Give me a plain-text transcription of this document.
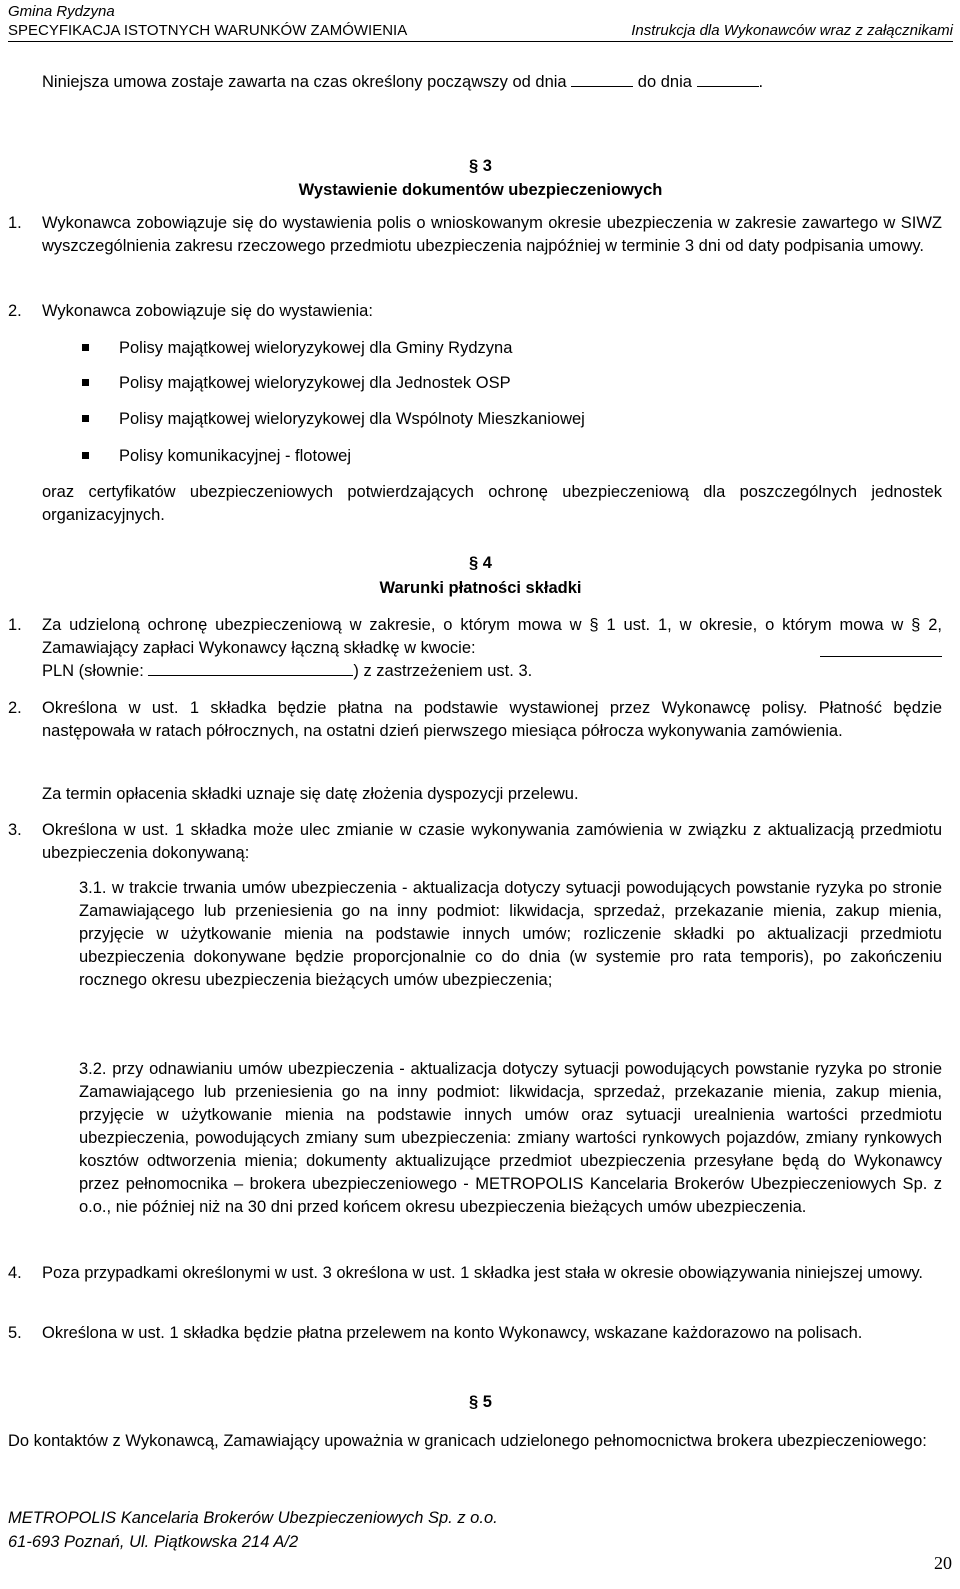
Gmina Rydzyna
SPECYFIKACJA ISTOTNYCH WARUNKÓW ZAMÓWIENIA	Instrukcja dla Wykonawców wraz z załącznikami
Niniejsza umowa zostaje zawarta na czas określony począwszy od dnia	do dnia	.
§ 3
Wystawienie dokumentów ubezpieczeniowych
1. Wykonawca zobowiązuje się do wystawienia polis o wnioskowanym okresie ubezpieczenia w zakresie zawartego w SIWZ wyszczególnienia zakresu rzeczowego przedmiotu ubezpieczenia najpóźniej w terminie 3 dni od daty podpisania umowy.
2. Wykonawca zobowiązuje się do wystawienia:
Polisy majątkowej wieloryzykowej dla Gminy Rydzyna
Polisy majątkowej wieloryzykowej dla Jednostek OSP
Polisy majątkowej wieloryzykowej dla Wspólnoty Mieszkaniowej
Polisy komunikacyjnej - flotowej
oraz certyfikatów ubezpieczeniowych potwierdzających ochronę ubezpieczeniową dla poszczególnych jednostek organizacyjnych.
§ 4
Warunki płatności składki
1. Za udzieloną ochronę ubezpieczeniową w zakresie, o którym mowa w § 1 ust. 1, w okresie, o którym mowa w § 2, Zamawiający zapłaci Wykonawcy łączną składkę w kwocie:
PLN (słownie:	) z zastrzeżeniem ust. 3.
2. Określona w ust. 1 składka będzie płatna na podstawie wystawionej przez Wykonawcę polisy. Płatność będzie następowała w ratach półrocznych, na ostatni dzień pierwszego miesiąca półrocza wykonywania zamówienia.
Za termin opłacenia składki uznaje się datę złożenia dyspozycji przelewu.
3. Określona w ust. 1 składka może ulec zmianie w czasie wykonywania zamówienia w związku z aktualizacją przedmiotu ubezpieczenia dokonywaną:
3.1. w trakcie trwania umów ubezpieczenia - aktualizacja dotyczy sytuacji powodujących powstanie ryzyka po stronie Zamawiającego lub przeniesienia go na inny podmiot: likwidacja, sprzedaż, przekazanie mienia, zakup mienia, przyjęcie w użytkowanie mienia na podstawie innych umów; rozliczenie składki po aktualizacji przedmiotu ubezpieczenia dokonywane będzie proporcjonalnie co do dnia (w systemie pro rata temporis), po zakończeniu rocznego okresu ubezpieczenia bieżących umów ubezpieczenia;
3.2. przy odnawianiu umów ubezpieczenia - aktualizacja dotyczy sytuacji powodujących powstanie ryzyka po stronie Zamawiającego lub przeniesienia go na inny podmiot: likwidacja, sprzedaż, przekazanie mienia, zakup mienia, przyjęcie w użytkowanie mienia na podstawie innych umów oraz sytuacji urealnienia wartości przedmiotu ubezpieczenia, powodujących zmiany sum ubezpieczenia: zmiany wartości rynkowych pojazdów, zmiany rynkowych kosztów odtworzenia mienia; dokumenty aktualizujące przedmiot ubezpieczenia przesyłane będą do Wykonawcy przez pełnomocnika – brokera ubezpieczeniowego - METROPOLIS Kancelaria Brokerów Ubezpieczeniowych Sp. z o.o., nie później niż na 30 dni przed końcem okresu ubezpieczenia bieżących umów ubezpieczenia.
4. Poza przypadkami określonymi w ust. 3 określona w ust. 1 składka jest stała w okresie obowiązywania niniejszej umowy.
5. Określona w ust. 1 składka będzie płatna przelewem na konto Wykonawcy, wskazane każdorazowo na polisach.
§ 5
Do kontaktów z Wykonawcą, Zamawiający upoważnia w granicach udzielonego pełnomocnictwa brokera ubezpieczeniowego:
METROPOLIS Kancelaria Brokerów Ubezpieczeniowych Sp. z o.o.
61-693 Poznań, Ul. Piątkowska 214 A/2
20
